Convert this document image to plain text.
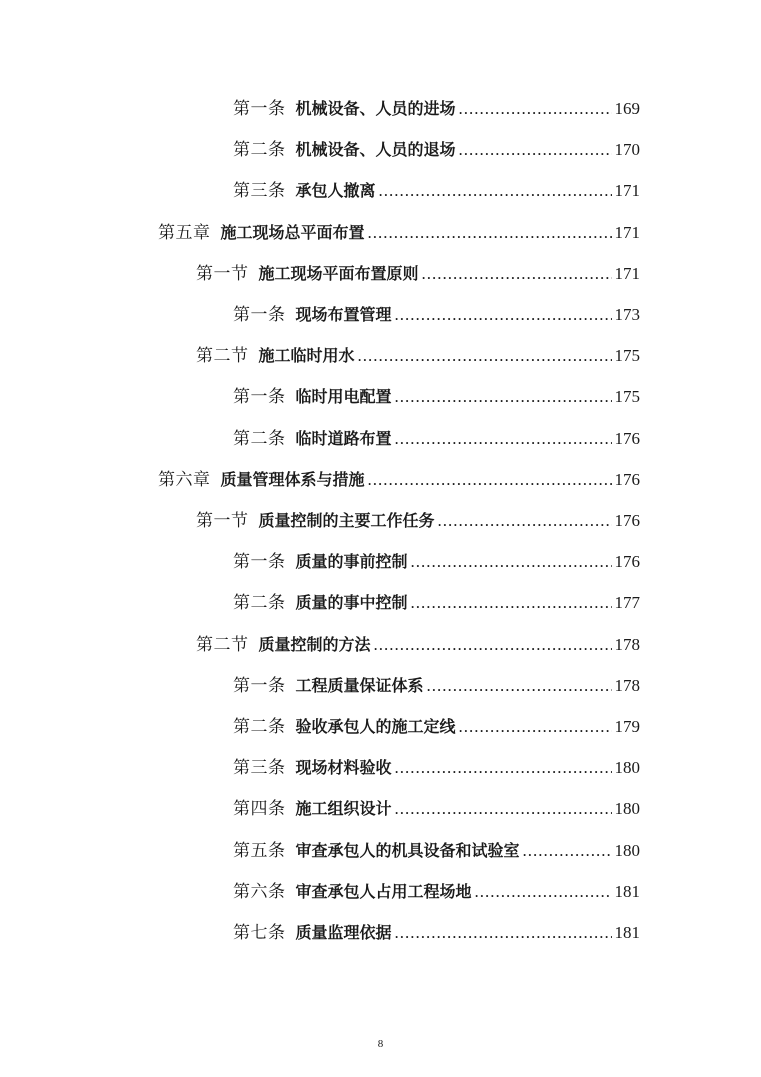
第一条 机械设备、人员的进场 .....	169
第二条 机械设备、人员的退场 .....	170
第三条 承包人撤离 .....	171
第五章 施工现场总平面布置 .....	171
第一节 施工现场平面布置原则 .....	171
第一条 现场布置管理 .....	173
第二节 施工临时用水 .....	175
第一条 临时用电配置 .....	175
第二条 临时道路布置 .....	176
第六章 质量管理体系与措施 .....	176
第一节 质量控制的主要工作任务 .....	176
第一条 质量的事前控制 .....	176
第二条 质量的事中控制 .....	177
第二节 质量控制的方法 .....	178
第一条 工程质量保证体系 .....	178
第二条 验收承包人的施工定线 .....	179
第三条 现场材料验收 .....	180
第四条 施工组织设计 .....	180
第五条 审查承包人的机具设备和试验室 .....	180
第六条 审查承包人占用工程场地 .....	181
第七条 质量监理依据 .....	181
8
